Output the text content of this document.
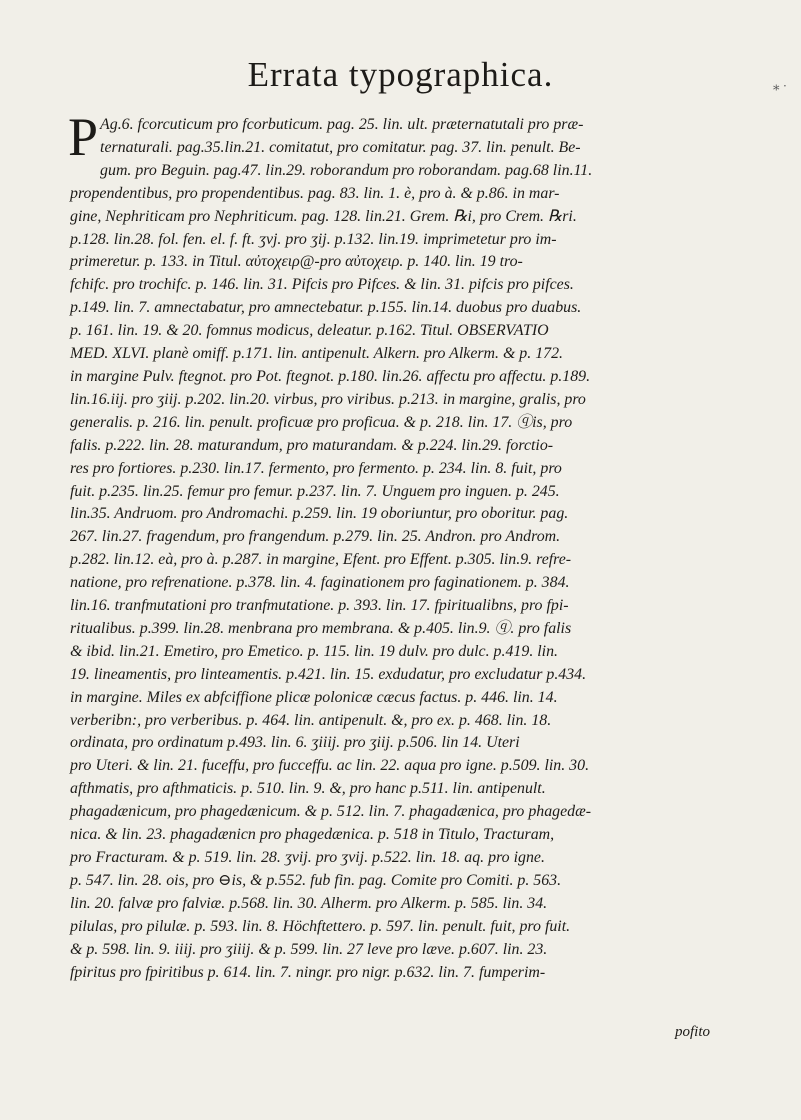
Errata typographica.	⁎ ·
P Ag.6. fcorcuticum pro fcorbuticum. pag. 25. lin. ult. præternatutali pro præ-
ternaturali. pag.35.lin.21. comitatut, pro comitatur. pag. 37. lin. penult. Be-
gum. pro Beguin. pag.47. lin.29. roborandum pro roborandam. pag.68 lin.11.
propendentibus, pro propendentibus. pag. 83. lin. 1. è, pro à. & p.86. in mar-
gine, Nephriticam pro Nephriticum. pag. 128. lin.21. Grem. ℞i, pro Crem. ℞ri.
p.128. lin.28. fol. fen. el. f. ft. ʒvj. pro ʒij. p.132. lin.19. imprimetetur pro im-
primeretur. p. 133. in Titul. αὐτοχειρ@-pro αὐτοχειρ. p. 140. lin. 19 tro-
fchifc. pro trochifc. p. 146. lin. 31. Pifcis pro Pifces. & lin. 31. pifcis pro pifces.
p.149. lin. 7. amnectabatur, pro amnectebatur. p.155. lin.14. duobus pro duabus.
p. 161. lin. 19. & 20. fomnus modicus, deleatur. p.162. Titul. OBSERVATIO
MED. XLVI. planè omiff. p.171. lin. antipenult. Alkern. pro Alkerm. & p. 172.
in margine Pulv. ftegnot. pro Pot. ftegnot. p.180. lin.26. affectu pro affectu. p.189.
lin.16.iij. pro ʒiij. p.202. lin.20. virbus, pro viribus. p.213. in margine, gralis, pro
generalis. p. 216. lin. penult. proficuæ pro proficua. & p. 218. lin. 17. ⓠis, pro
falis. p.222. lin. 28. maturandum, pro maturandam. & p.224. lin.29. forctio-
res pro fortiores. p.230. lin.17. fermento, pro fermento. p. 234. lin. 8. fuit, pro
fuit. p.235. lin.25. femur pro femur. p.237. lin. 7. Unguem pro inguen. p. 245.
lin.35. Andruom. pro Andromachi. p.259. lin. 19 oboriuntur, pro oboritur. pag.
267. lin.27. fragendum, pro frangendum. p.279. lin. 25. Andron. pro Androm.
p.282. lin.12. eà, pro à. p.287. in margine, Efent. pro Effent. p.305. lin.9. refre-
natione, pro refrenatione. p.378. lin. 4. faginationem pro faginationem. p. 384.
lin.16. tranfmutationi pro tranfmutatione. p. 393. lin. 17. fpiritualibns, pro fpi-
ritualibus. p.399. lin.28. menbrana pro membrana. & p.405. lin.9. ⓠ. pro falis
& ibid. lin.21. Emetiro, pro Emetico. p. 115. lin. 19 dulv. pro dulc. p.419. lin.
19. lineamentis, pro linteamentis. p.421. lin. 15. exdudatur, pro excludatur p.434.
in margine. Miles ex abfciffione plicæ polonicæ cæcus factus. p. 446. lin. 14.
verberibn:, pro verberibus. p. 464. lin. antipenult. &, pro ex. p. 468. lin. 18.
ordinata, pro ordinatum p.493. lin. 6. ʒiiij. pro ʒiij. p.506. lin 14. Uteri
pro Uteri. & lin. 21. fuceffu, pro fucceffu. ac lin. 22. aqua pro igne. p.509. lin. 30.
afthmatis, pro afthmaticis. p. 510. lin. 9. &, pro hanc p.511. lin. antipenult.
phagadænicum, pro phagedænicum. & p. 512. lin. 7. phagadænica, pro phagedæ-
nica. & lin. 23. phagadænicn pro phagedænica. p. 518 in Titulo, Tracturam,
pro Fracturam. & p. 519. lin. 28. ʒvij. pro ʒvij. p.522. lin. 18. aq. pro igne.
p. 547. lin. 28. ois, pro ⊖is, & p.552. fub fin. pag. Comite pro Comiti. p. 563.
lin. 20. falvæ pro falviæ. p.568. lin. 30. Alherm. pro Alkerm. p. 585. lin. 34.
pilulas, pro pilulæ. p. 593. lin. 8. Höchftettero. p. 597. lin. penult. fuit, pro fuit.
& p. 598. lin. 9. iiij. pro ʒiiij. & p. 599. lin. 27 leve pro læve. p.607. lin. 23.
fpiritus pro fpiritibus p. 614. lin. 7. ningr. pro nigr. p.632. lin. 7. fumperim-
pofito
